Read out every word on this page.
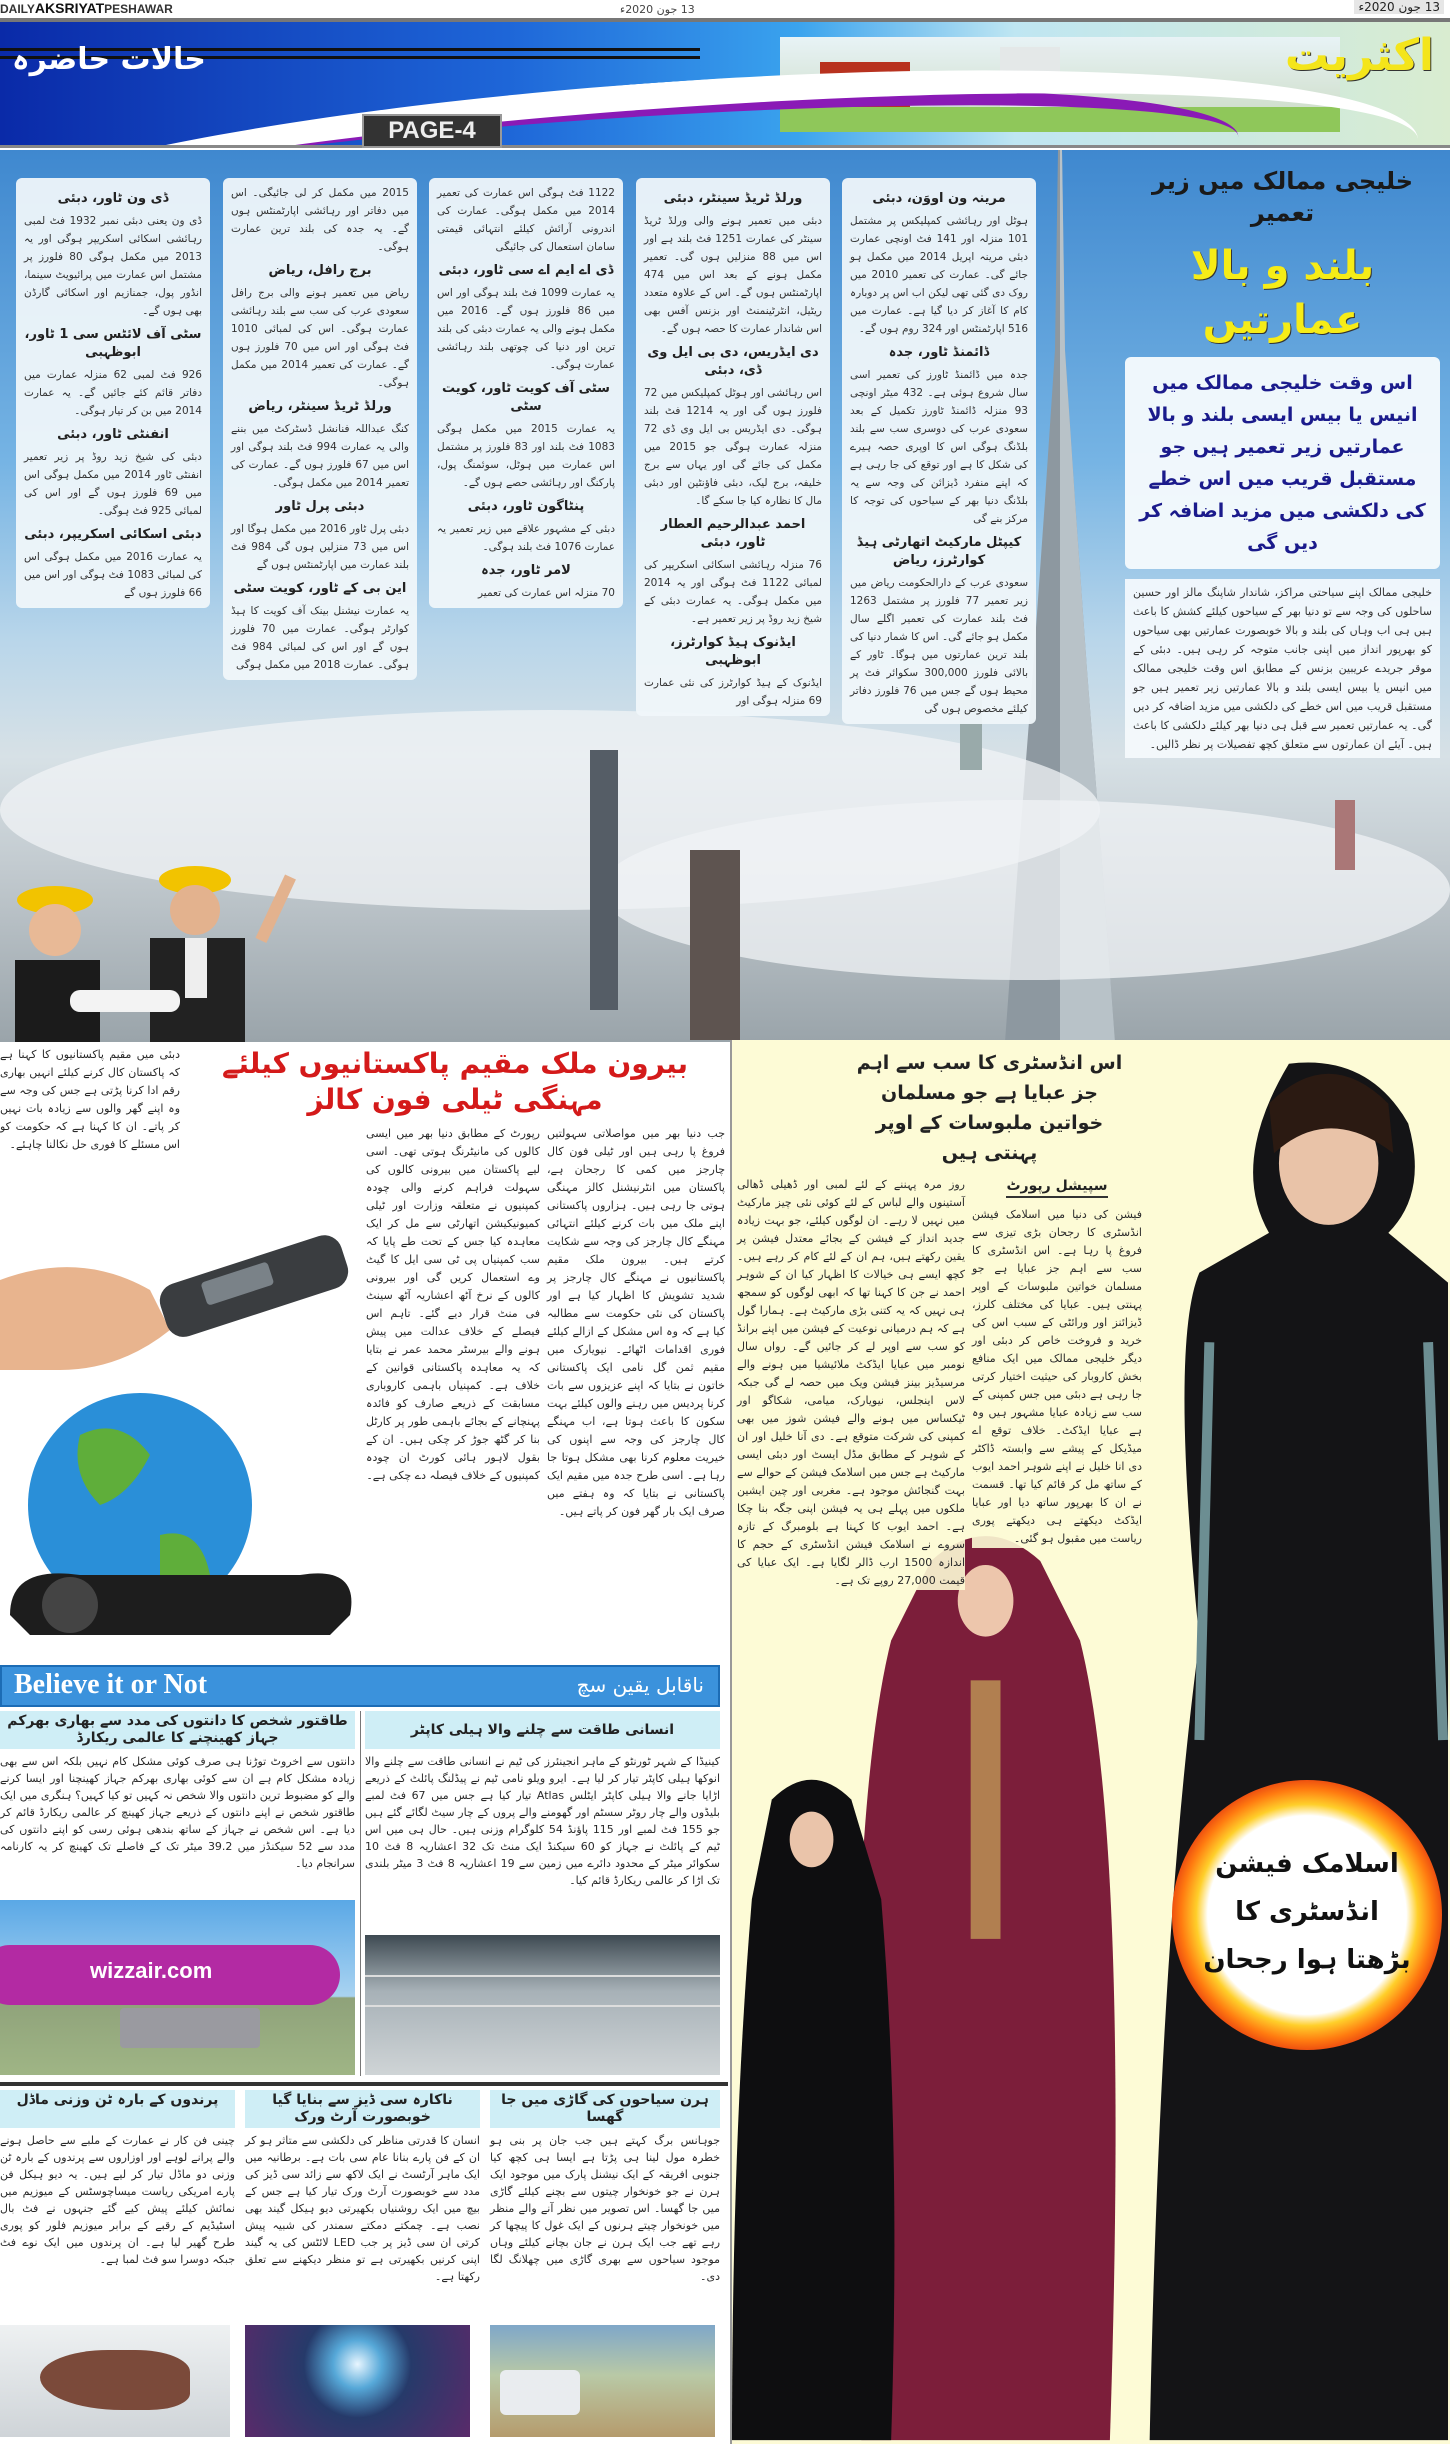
DAILYAKSRIYATPESHAWAR	13 جون 2020ء	13 جون 2020ء
حالات حاضرہ	اکثریت
PAGE-4
مرینہ ون اووَن، دبئی

ہوٹل اور رہائشی کمپلیکس پر مشتمل 101 منزلہ اور 141 فٹ اونچی عمارت دبئی مرینہ اپریل 2014 میں مکمل ہو جائے گی۔ عمارت کی تعمیر 2010 میں روک دی گئی تھی لیکن اب اس پر دوبارہ کام کا آغاز کر دیا گیا ہے۔ عمارت میں 516 اپارٹمنٹس اور 324 روم ہوں گے۔

ڈائمنڈ ٹاور، جدہ

جدہ میں ڈائمنڈ ٹاورز کی تعمیر اسی سال شروع ہوئی ہے۔ 432 میٹر اونچی 93 منزلہ ڈائمنڈ ٹاورز تکمیل کے بعد سعودی عرب کی دوسری سب سے بلند بلڈنگ ہوگی اس کا اوپری حصہ ہیرے کی شکل کا ہے اور توقع کی جا رہی ہے کہ اپنے منفرد ڈیزائن کی وجہ سے یہ بلڈنگ دنیا بھر کے سیاحوں کی توجہ کا مرکز بنے گی

کیپٹل مارکیٹ اتھارٹی ہیڈ کوارٹرز، ریاض

سعودی عرب کے دارالحکومت ریاض میں زیر تعمیر 77 فلورز پر مشتمل 1263 فٹ بلند عمارت کی تعمیر اگلے سال مکمل ہو جائے گی۔ اس کا شمار دنیا کی بلند ترین عمارتوں میں ہوگا۔ ٹاور کے بالائی فلورز 300,000 سکوائر فٹ پر محیط ہوں گے جس میں 76 فلورز دفاتر کیلئے مخصوص ہوں گی

ورلڈ ٹریڈ سینٹر، دبئی

دبئی میں تعمیر ہونے والی ورلڈ ٹریڈ سینٹر کی عمارت 1251 فٹ بلند ہے اور اس میں 88 منزلیں ہوں گی۔ تعمیر مکمل ہونے کے بعد اس میں 474 اپارٹمنٹس ہوں گے۔ اس کے علاوہ متعدد ریٹیل، انٹرٹینمنٹ اور بزنس آفس بھی اس شاندار عمارت کا حصہ ہوں گے۔

دی ایڈریس، دی بی ایل وی ڈی، دبئی

اس رہائشی اور ہوٹل کمپلیکس میں 72 فلورز ہوں گی اور یہ 1214 فٹ بلند ہوگی۔ دی ایڈریس بی ایل وی ڈی 72 منزلہ عمارت ہوگی جو 2015 میں مکمل کی جائے گی اور یہاں سے برج خلیفہ، برج لیک، دبئی فاؤنٹین اور دبئی مال کا نظارہ کیا جا سکے گا۔

احمد عبدالرحیم العطار ٹاور، دبئی

76 منزلہ رہائشی اسکائی اسکریپر کی لمبائی 1122 فٹ ہوگی اور یہ 2014 میں مکمل ہوگی۔ یہ عمارت دبئی کے شیخ زید روڈ پر زیر تعمیر ہے۔

ایڈنوک ہیڈ کوارٹرز، ابوظہبی

ایڈنوک کے ہیڈ کوارٹرز کی نئی عمارت 69 منزلہ ہوگی اور

1122 فٹ ہوگی اس عمارت کی تعمیر 2014 میں مکمل ہوگی۔ عمارت کی اندرونی آرائش کیلئے انتہائی قیمتی سامان استعمال کی جائیگی

ڈی اے ایم اے سی ٹاور، دبئی

یہ عمارت 1099 فٹ بلند ہوگی اور اس میں 86 فلورز ہوں گے۔ 2016 میں مکمل ہونے والی یہ عمارت دبئی کی بلند ترین اور دنیا کی چوتھی بلند رہائشی عمارت ہوگی۔

سٹی آف کویت ٹاور، کویت سٹی

یہ عمارت 2015 میں مکمل ہوگی 1083 فٹ بلند اور 83 فلورز پر مشتمل اس عمارت میں ہوٹل، سوئمنگ پول، پارکنگ اور رہائشی حصے ہوں گے۔

پنٹاگون ٹاور، دبئی

دبئی کے مشہور علاقے میں زیر تعمیر یہ عمارت 1076 فٹ بلند ہوگی۔

لامر ٹاور، جدہ

70 منزلہ اس عمارت کی تعمیر

2015 میں مکمل کر لی جائیگی۔ اس میں دفاتر اور رہائشی اپارٹمنٹس ہوں گے۔ یہ جدہ کی بلند ترین عمارت ہوگی۔

برج رافل، ریاض

ریاض میں تعمیر ہونے والی برج رافل سعودی عرب کی سب سے بلند رہائشی عمارت ہوگی۔ اس کی لمبائی 1010 فٹ ہوگی اور اس میں 70 فلورز ہوں گے۔ عمارت کی تعمیر 2014 میں مکمل ہوگی۔

ورلڈ ٹریڈ سینٹر، ریاض

کنگ عبداللہ فنانشل ڈسٹرکٹ میں بننے والی یہ عمارت 994 فٹ بلند ہوگی اور اس میں 67 فلورز ہوں گے۔ عمارت کی تعمیر 2014 میں مکمل ہوگی۔

دبئی پرل ٹاور

دبئی پرل ٹاور 2016 میں مکمل ہوگا اور اس میں 73 منزلیں ہوں گی 984 فٹ بلند عمارت میں اپارٹمنٹس ہوں گے

این بی کے ٹاور، کویت سٹی

یہ عمارت نیشنل بینک آف کویت کا ہیڈ کوارٹر ہوگی۔ عمارت میں 70 فلورز ہوں گے اور اس کی لمبائی 984 فٹ ہوگی۔ عمارت 2018 میں مکمل ہوگی

ڈی ون ٹاور، دبئی

ڈی ون یعنی دبئی نمبر 1932 فٹ لمبی رہائشی اسکائی اسکریپر ہوگی اور یہ 2013 میں مکمل ہوگی 80 فلورز پر مشتمل اس عمارت میں پرائیویٹ سینما، انڈور پول، جمنازیم اور اسکائی گارڈن بھی ہوں گے۔

سٹی آف لائٹس سی 1 ٹاور، ابوظہبی

926 فٹ لمبی 62 منزلہ عمارت میں دفاتر قائم کئے جائیں گے۔ یہ عمارت 2014 میں بن کر تیار ہوگی۔

انفنٹی ٹاور، دبئی

دبئی کی شیخ زید روڈ پر زیر تعمیر انفنٹی ٹاور 2014 میں مکمل ہوگی اس میں 69 فلورز ہوں گے اور اس کی لمبائی 925 فٹ ہوگی۔

دبئی اسکائی اسکریپر، دبئی

یہ عمارت 2016 میں مکمل ہوگی اس کی لمبائی 1083 فٹ ہوگی اور اس میں 66 فلورز ہوں گے

خلیجی ممالک میں زیر تعمیر
بلند و بالا عمارتیں

اس وقت خلیجی ممالک میں انیس یا بیس ایسی بلند و بالا عمارتیں زیر تعمیر ہیں جو مستقبل قریب میں اس خطے کی دلکشی میں مزید اضافہ کر دیں گی

خلیجی ممالک اپنے سیاحتی مراکز، شاندار شاپنگ مالز اور حسین ساحلوں کی وجہ سے تو دنیا بھر کے سیاحوں کیلئے کشش کا باعث ہیں ہی اب وہاں کی بلند و بالا خوبصورت عمارتیں بھی سیاحوں کو بھرپور انداز میں اپنی جانب متوجہ کر رہی ہیں۔ دبئی کے موقر جریدے عریبین بزنس کے مطابق اس وقت خلیجی ممالک میں انیس یا بیس ایسی بلند و بالا عمارتیں زیر تعمیر ہیں جو مستقبل قریب میں اس خطے کی دلکشی میں مزید اضافہ کر دیں گی۔ یہ عمارتیں تعمیر سے قبل ہی دنیا بھر کیلئے دلکشی کا باعث ہیں۔ آیئے ان عمارتوں سے متعلق کچھ تفصیلات پر نظر ڈالیں۔
دبئی میں مقیم پاکستانیوں کا کہنا ہے کہ پاکستان کال کرنے کیلئے انہیں بھاری رقم ادا کرنا پڑتی ہے جس کی وجہ سے وہ اپنے گھر والوں سے زیادہ بات نہیں کر پاتے۔ ان کا کہنا ہے کہ حکومت کو اس مسئلے کا فوری حل نکالنا چاہئے۔
بیرون ملک مقیم پاکستانیوں کیلئے مہنگی ٹیلی فون کالز
جب دنیا بھر میں مواصلاتی سہولتیں فروغ پا رہی ہیں اور ٹیلی فون کال چارجز میں کمی کا رجحان ہے، پاکستان میں انٹرنیشنل کالز مہنگی ہوتی جا رہی ہیں۔ ہزاروں پاکستانی اپنے ملک میں بات کرنے کیلئے انتہائی مہنگے کال چارجز کی وجہ سے شکایت کرتے ہیں۔ بیرون ملک مقیم پاکستانیوں نے مہنگے کال چارجز پر شدید تشویش کا اظہار کیا ہے اور پاکستان کی نئی حکومت سے مطالبہ کیا ہے کہ وہ اس مشکل کے ازالے کیلئے فوری اقدامات اٹھائے۔ نیویارک میں مقیم ثمن گل نامی ایک پاکستانی خاتون نے بتایا کہ اپنے عزیزوں سے بات کرنا پردیس میں رہنے والوں کیلئے بہت سکون کا باعث ہوتا ہے، اب مہنگے کال چارجز کی وجہ سے اپنوں کی خیریت معلوم کرنا بھی مشکل ہوتا جا رہا ہے۔ اسی طرح جدہ میں مقیم ایک پاکستانی نے بتایا کہ وہ ہفتے میں صرف ایک بار گھر فون کر پاتے ہیں۔
رپورٹ کے مطابق دنیا بھر میں ایسی کالوں کی مانیٹرنگ ہوتی تھی۔ اسی لیے پاکستان میں بیرونی کالوں کی سہولت فراہم کرنے والی چودہ کمپنیوں نے متعلقہ وزارت اور ٹیلی کمیونیکیشن اتھارٹی سے مل کر ایک معاہدہ کیا جس کے تحت طے پایا کہ سب کمپنیاں پی ٹی سی ایل کا گیٹ وے استعمال کریں گی اور بیرونی کالوں کے نرخ آٹھ اعشاریہ آٹھ سینٹ فی منٹ قرار دیے گئے۔ تاہم اس فیصلے کے خلاف عدالت میں پیش ہونے والے بیرسٹر محمد عمر نے بتایا کہ یہ معاہدہ پاکستانی قوانین کے خلاف ہے۔ کمپنیاں باہمی کاروباری مسابقت کے ذریعے صارف کو فائدہ پہنچانے کے بجائے باہمی طور پر کارٹل بنا کر گٹھ جوڑ کر چکی ہیں۔ ان کے بقول لاہور ہائی کورٹ ان چودہ کمپنیوں کے خلاف فیصلہ دے چکی ہے۔
اس انڈسٹری کا سب سے اہم جز عبایا ہے جو مسلمان خواتین ملبوسات کے اوپر پہنتی ہیں
روز مرہ پہننے کے لئے لمبی اور ڈھیلی ڈھالی آستینوں والے لباس کے لئے کوئی نئی چیز مارکیٹ میں نہیں لا رہے۔ ان لوگوں کیلئے، جو بہت زیادہ جدید انداز کے فیشن کے بجائے معتدل فیشن پر یقین رکھتے ہیں، ہم ان کے لئے کام کر رہے ہیں۔ کچھ ایسے ہی خیالات کا اظہار کیا ان کے شوہر احمد نے جن کا کہنا تھا کہ ابھی لوگوں کو سمجھ ہی نہیں کہ یہ کتنی بڑی مارکیٹ ہے۔ ہمارا گول ہے کہ ہم درمیانی نوعیت کے فیشن میں اپنے برانڈ کو سب سے اوپر لے کر جائیں گے۔ رواں سال نومبر میں عبایا ایڈکٹ ملائیشیا میں ہونے والے مرسیڈیز بینز فیشن ویک میں حصہ لے گی جبکہ لاس اینجلس، نیویارک، میامی، شکاگو اور ٹیکساس میں ہونے والے فیشن شوز میں بھی کمپنی کی شرکت متوقع ہے۔ دی آنا خلیل اور ان کے شوہر کے مطابق مڈل ایسٹ اور دبئی ایسی مارکیٹ ہے جس میں اسلامک فیشن کے حوالے سے بہت گنجائش موجود ہے۔ مغربی اور چین ایشین ملکوں میں پہلے ہی یہ فیشن اپنی جگہ بنا چکا ہے۔ احمد ایوب کا کہنا ہے بلومبرگ کے تازہ سروے نے اسلامک فیشن انڈسٹری کے حجم کا اندازہ 1500 ارب ڈالر لگایا ہے۔ ایک عبایا کی قیمت 27,000 روپے تک ہے۔
سپیشل رپورٹ
فیشن کی دنیا میں اسلامک فیشن انڈسٹری کا رجحان بڑی تیزی سے فروغ پا رہا ہے۔ اس انڈسٹری کا سب سے اہم جز عبایا ہے جو مسلمان خواتین ملبوسات کے اوپر پہنتی ہیں۔ عبایا کی مختلف کلرز، ڈیزائنز اور ورائٹی کے سبب اس کی خرید و فروخت خاص کر دبئی اور دیگر خلیجی ممالک میں ایک منافع بخش کاروبار کی حیثیت اختیار کرتی جا رہی ہے دبئی میں جس کمپنی کے سب سے زیادہ عبایا مشہور ہیں وہ ہے عبایا ایڈکٹ۔ خلاف توقع اے میڈیکل کے پیشے سے وابستہ ڈاکٹر دی انا خلیل نے اپنے شوہر احمد ایوب کے ساتھ مل کر قائم کیا تھا۔ قسمت نے ان کا بھرپور ساتھ دیا اور عبایا ایڈکٹ دیکھتے ہی دیکھتے پوری ریاست میں مقبول ہو گئی۔
اسلامک فیشن انڈسٹری کا بڑھتا ہوا رجحان
Believe it or Not	ناقابل یقین سچ
انسانی طاقت سے چلنے والا ہیلی کاپٹر
طاقتور شخص کا دانتوں کی مدد سے بھاری بھرکم جہاز کھینچنے کا عالمی ریکارڈ
کینیڈا کے شہر ٹورنٹو کے ماہر انجینئرز کی ٹیم نے انسانی طاقت سے چلنے والا انوکھا ہیلی کاپٹر تیار کر لیا ہے۔ ایرو ویلو نامی ٹیم نے پیڈلنگ پائلٹ کے ذریعے اڑایا جانے والا ہیلی کاپٹر ایٹلس Atlas تیار کیا ہے جس میں 67 فٹ لمبے بلیڈوں والے چار روٹر سسٹم اور گھومنے والے پروں کے چار سیٹ لگائے گئے ہیں جو 155 فٹ لمبے اور 115 پاؤنڈ 54 کلوگرام وزنی ہیں۔ حال ہی میں اس ٹیم کے پائلٹ نے جہاز کو 60 سیکنڈ ایک منٹ تک 32 اعشاریہ 8 فٹ 10 سکوائر میٹر کے محدود دائرے میں زمین سے 19 اعشاریہ 8 فٹ 3 میٹر بلندی تک اڑا کر عالمی ریکارڈ قائم کیا۔
دانتوں سے اخروٹ توڑنا ہی صرف کوئی مشکل کام نہیں بلکہ اس سے بھی زیادہ مشکل کام ہے ان سے کوئی بھاری بھرکم جہاز کھینچنا اور ایسا کرنے والے کو مضبوط ترین دانتوں والا شخص نہ کہیں تو کیا کہیں؟ ہنگری میں ایک طاقتور شخص نے اپنے دانتوں کے ذریعے جہاز کھینچ کر عالمی ریکارڈ قائم کر دیا ہے۔ اس شخص نے جہاز کے ساتھ بندھی ہوئی رسی کو اپنے دانتوں کی مدد سے 52 سیکنڈز میں 39.2 میٹر تک کے فاصلے تک کھینچ کر یہ کارنامہ سرانجام دیا۔
wizzair.com
ہرن سیاحوں کی گاڑی میں جا گھسا
ناکارہ سی ڈیز سے بنایا گیا خوبصورت آرٹ ورک
پرندوں کے بارہ ٹن وزنی ماڈل
جوہانس برگ کہتے ہیں جب جان پر بنی ہو خطرہ مول لینا ہی پڑتا ہے ایسا ہی کچھ کیا جنوبی افریقہ کے ایک نیشنل پارک میں موجود ایک ہرن نے جو خونخوار چیتوں سے بچنے کیلئے گاڑی میں جا گھسا۔ اس تصویر میں نظر آنے والے منظر میں خونخوار چیتے ہرنوں کے ایک غول کا پیچھا کر رہے تھے جب ایک ہرن نے جان بچانے کیلئے وہاں موجود سیاحوں سے بھری گاڑی میں چھلانگ لگا دی۔
انسان کا قدرتی مناظر کی دلکشی سے متاثر ہو کر ان کے فن پارے بنانا عام سی بات ہے۔ برطانیہ میں ایک ماہر آرٹسٹ نے ایک لاکھ سے زائد سی ڈیز کی مدد سے خوبصورت آرٹ ورک تیار کیا ہے جس کے بیچ میں ایک روشنیاں بکھیرتی دیو ہیکل گیند بھی نصب ہے۔ چمکتے دمکتے سمندر کی شبیہ پیش کرتی ان سی ڈیز پر جب LED لائٹس کی یہ گیند اپنی کرنیں بکھیرتی ہے تو منظر دیکھنے سے تعلق رکھتا ہے۔
چینی فن کار نے عمارت کے ملبے سے حاصل ہونے والے پرانے لوہے اور اوزاروں سے پرندوں کے بارہ ٹن وزنی دو ماڈل تیار کر لیے ہیں۔ یہ دیو ہیکل فن پارے امریکی ریاست میساچوسٹس کے میوزیم میں نمائش کیلئے پیش کیے گئے جنہوں نے فٹ بال اسٹیڈیم کے رقبے کے برابر میوزیم فلور کو پوری طرح گھیر لیا ہے۔ ان پرندوں میں ایک نوے فٹ جبکہ دوسرا سو فٹ لمبا ہے۔
